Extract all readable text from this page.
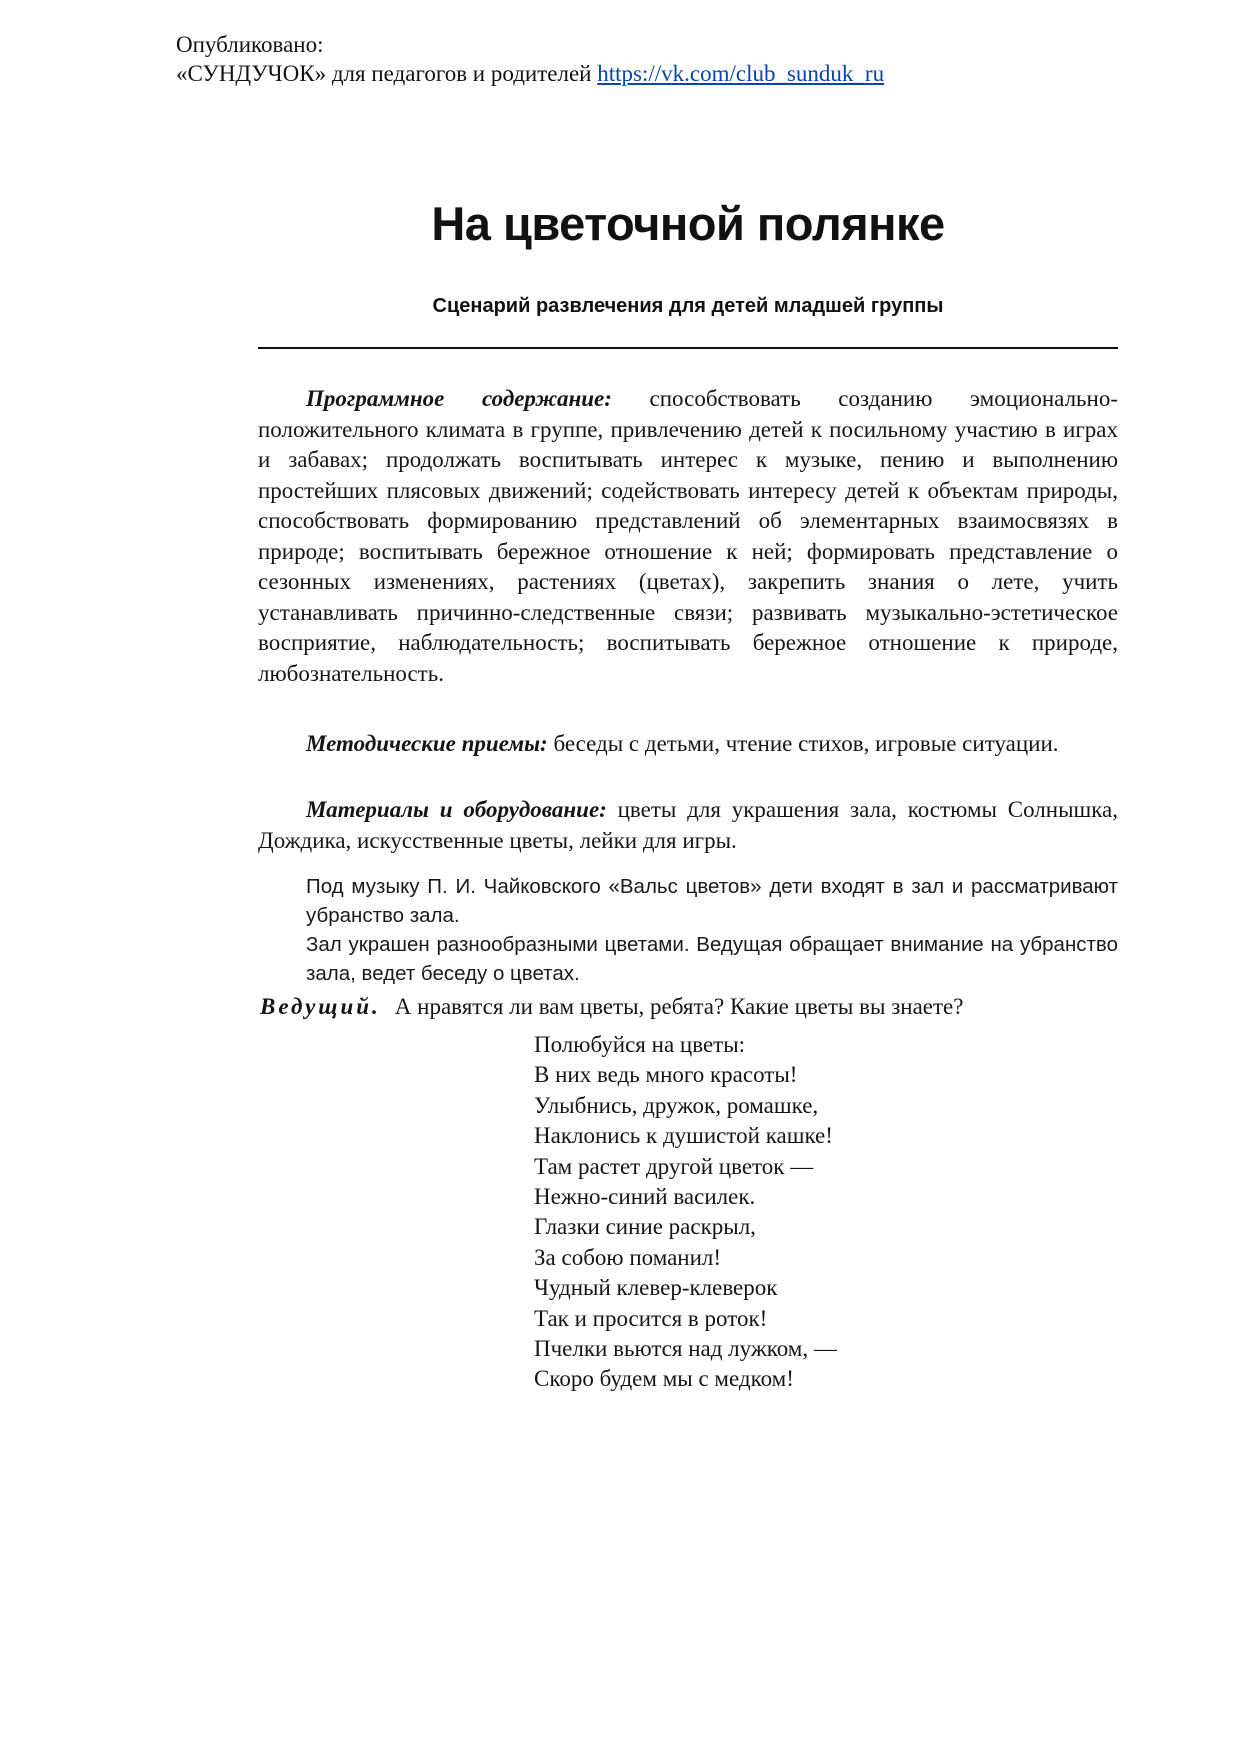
Опубликовано:
«СУНДУЧОК» для педагогов и родителей https://vk.com/club_sunduk_ru
На цветочной полянке
Сценарий развлечения для детей младшей группы

Программное содержание: способствовать созданию эмоционально-положительного климата в группе, привлечению детей к посильному участию в играх и забавах; продолжать воспитывать интерес к музыке, пению и выполнению простейших плясовых движений; содействовать интересу детей к объектам природы, способствовать формированию представлений об элементарных взаимосвязях в природе; воспитывать бережное отношение к ней; формировать представление о сезонных изменениях, растениях (цветах), закрепить знания о лете, учить устанавливать причинно-следственные связи; развивать музыкально-эстетическое восприятие, наблюдательность; воспитывать бережное отношение к природе, любознательность.

Методические приемы: беседы с детьми, чтение стихов, игровые ситуации.

Материалы и оборудование: цветы для украшения зала, костюмы Солнышка, Дождика, искусственные цветы, лейки для игры.

Под музыку П. И. Чайковского «Вальс цветов» дети входят в зал и рассматривают убранство зала.

Зал украшен разнообразными цветами. Ведущая обращает внимание на убранство зала, ведет беседу о цветах.

Ведущий. А нравятся ли вам цветы, ребята? Какие цветы вы знаете?
Полюбуйся на цветы:
В них ведь много красоты!
Улыбнись, дружок, ромашке,
Наклонись к душистой кашке!
Там растет другой цветок —
Нежно-синий василек.
Глазки синие раскрыл,
За собою поманил!
Чудный клевер-клеверок
Так и просится в роток!
Пчелки вьются над лужком, —
Скоро будем мы с медком!
